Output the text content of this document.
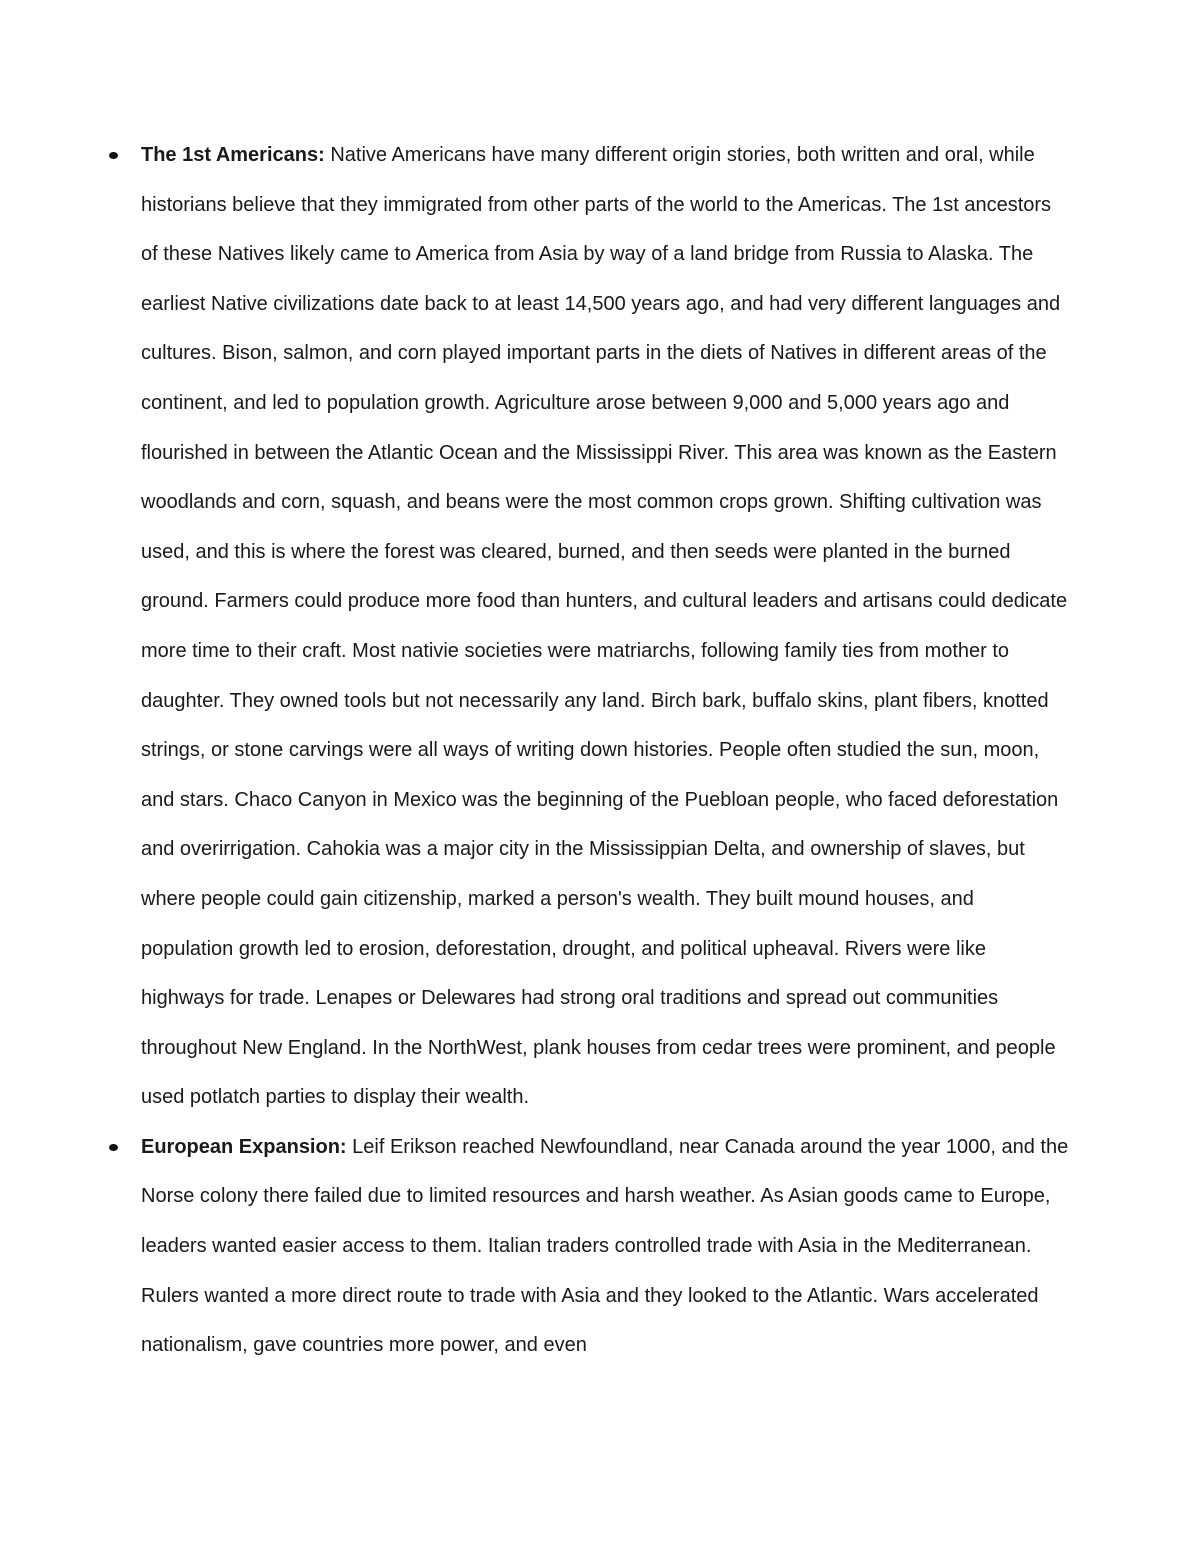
The 1st Americans: Native Americans have many different origin stories, both written and oral, while historians believe that they immigrated from other parts of the world to the Americas. The 1st ancestors of these Natives likely came to America from Asia by way of a land bridge from Russia to Alaska. The earliest Native civilizations date back to at least 14,500 years ago, and had very different languages and cultures. Bison, salmon, and corn played important parts in the diets of Natives in different areas of the continent, and led to population growth. Agriculture arose between 9,000 and 5,000 years ago and flourished in between the Atlantic Ocean and the Mississippi River. This area was known as the Eastern woodlands and corn, squash, and beans were the most common crops grown. Shifting cultivation was used, and this is where the forest was cleared, burned, and then seeds were planted in the burned ground. Farmers could produce more food than hunters, and cultural leaders and artisans could dedicate more time to their craft. Most nativie societies were matriarchs, following family ties from mother to daughter. They owned tools but not necessarily any land. Birch bark, buffalo skins, plant fibers, knotted strings, or stone carvings were all ways of writing down histories. People often studied the sun, moon, and stars. Chaco Canyon in Mexico was the beginning of the Puebloan people, who faced deforestation and overirrigation. Cahokia was a major city in the Mississippian Delta, and ownership of slaves, but where people could gain citizenship, marked a person's wealth. They built mound houses, and population growth led to erosion, deforestation, drought, and political upheaval. Rivers were like highways for trade. Lenapes or Delewares had strong oral traditions and spread out communities throughout New England. In the NorthWest, plank houses from cedar trees were prominent, and people used potlatch parties to display their wealth.
European Expansion: Leif Erikson reached Newfoundland, near Canada around the year 1000, and the Norse colony there failed due to limited resources and harsh weather. As Asian goods came to Europe, leaders wanted easier access to them. Italian traders controlled trade with Asia in the Mediterranean. Rulers wanted a more direct route to trade with Asia and they looked to the Atlantic. Wars accelerated nationalism, gave countries more power, and even
